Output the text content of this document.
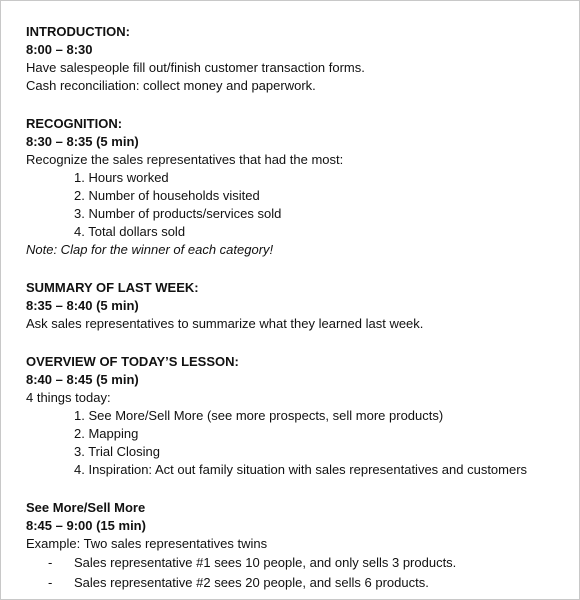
INTRODUCTION:
8:00 – 8:30
Have salespeople fill out/finish customer transaction forms.
Cash reconciliation: collect money and paperwork.
RECOGNITION:
8:30 – 8:35 (5 min)
Recognize the sales representatives that had the most:
1. Hours worked
2. Number of households visited
3. Number of products/services sold
4. Total dollars sold
Note: Clap for the winner of each category!
SUMMARY OF LAST WEEK:
8:35 – 8:40 (5 min)
Ask sales representatives to summarize what they learned last week.
OVERVIEW OF TODAY’S LESSON:
8:40 – 8:45 (5 min)
4 things today:
1. See More/Sell More (see more prospects, sell more products)
2. Mapping
3. Trial Closing
4. Inspiration: Act out family situation with sales representatives and customers
See More/Sell More
8:45 – 9:00 (15 min)
Example: Two sales representatives twins
-	Sales representative #1 sees 10 people, and only sells 3 products.
-	Sales representative #2 sees 20 people, and sells 6 products.
